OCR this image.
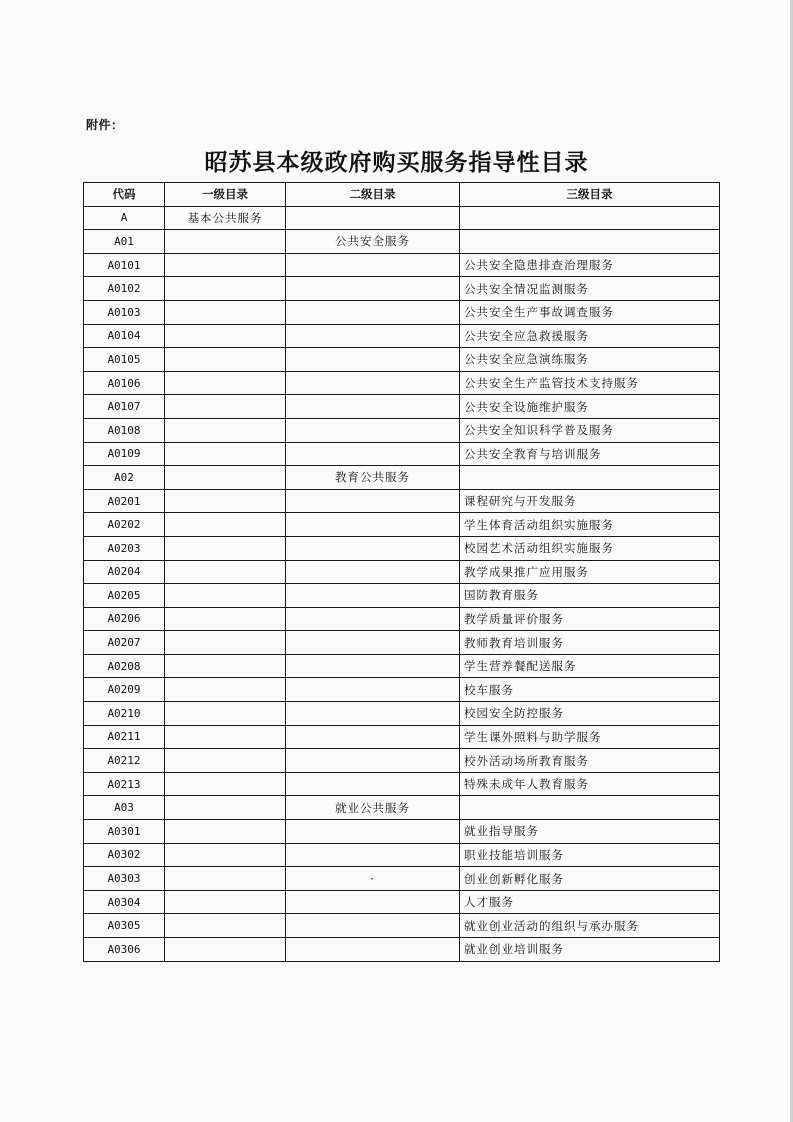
附件：
昭苏县本级政府购买服务指导性目录
代码	一级目录	二级目录	三级目录
A	基本公共服务		
A01		公共安全服务	
A0101			公共安全隐患排查治理服务
A0102			公共安全情况监测服务
A0103			公共安全生产事故调查服务
A0104			公共安全应急救援服务
A0105			公共安全应急演练服务
A0106			公共安全生产监管技术支持服务
A0107			公共安全设施维护服务
A0108			公共安全知识科学普及服务
A0109			公共安全教育与培训服务
A02		教育公共服务	
A0201			课程研究与开发服务
A0202			学生体育活动组织实施服务
A0203			校园艺术活动组织实施服务
A0204			教学成果推广应用服务
A0205			国防教育服务
A0206			教学质量评价服务
A0207			教师教育培训服务
A0208			学生营养餐配送服务
A0209			校车服务
A0210			校园安全防控服务
A0211			学生课外照料与助学服务
A0212			校外活动场所教育服务
A0213			特殊未成年人教育服务
A03		就业公共服务	
A0301			就业指导服务
A0302			职业技能培训服务
A0303		·	创业创新孵化服务
A0304			人才服务
A0305			就业创业活动的组织与承办服务
A0306			就业创业培训服务
